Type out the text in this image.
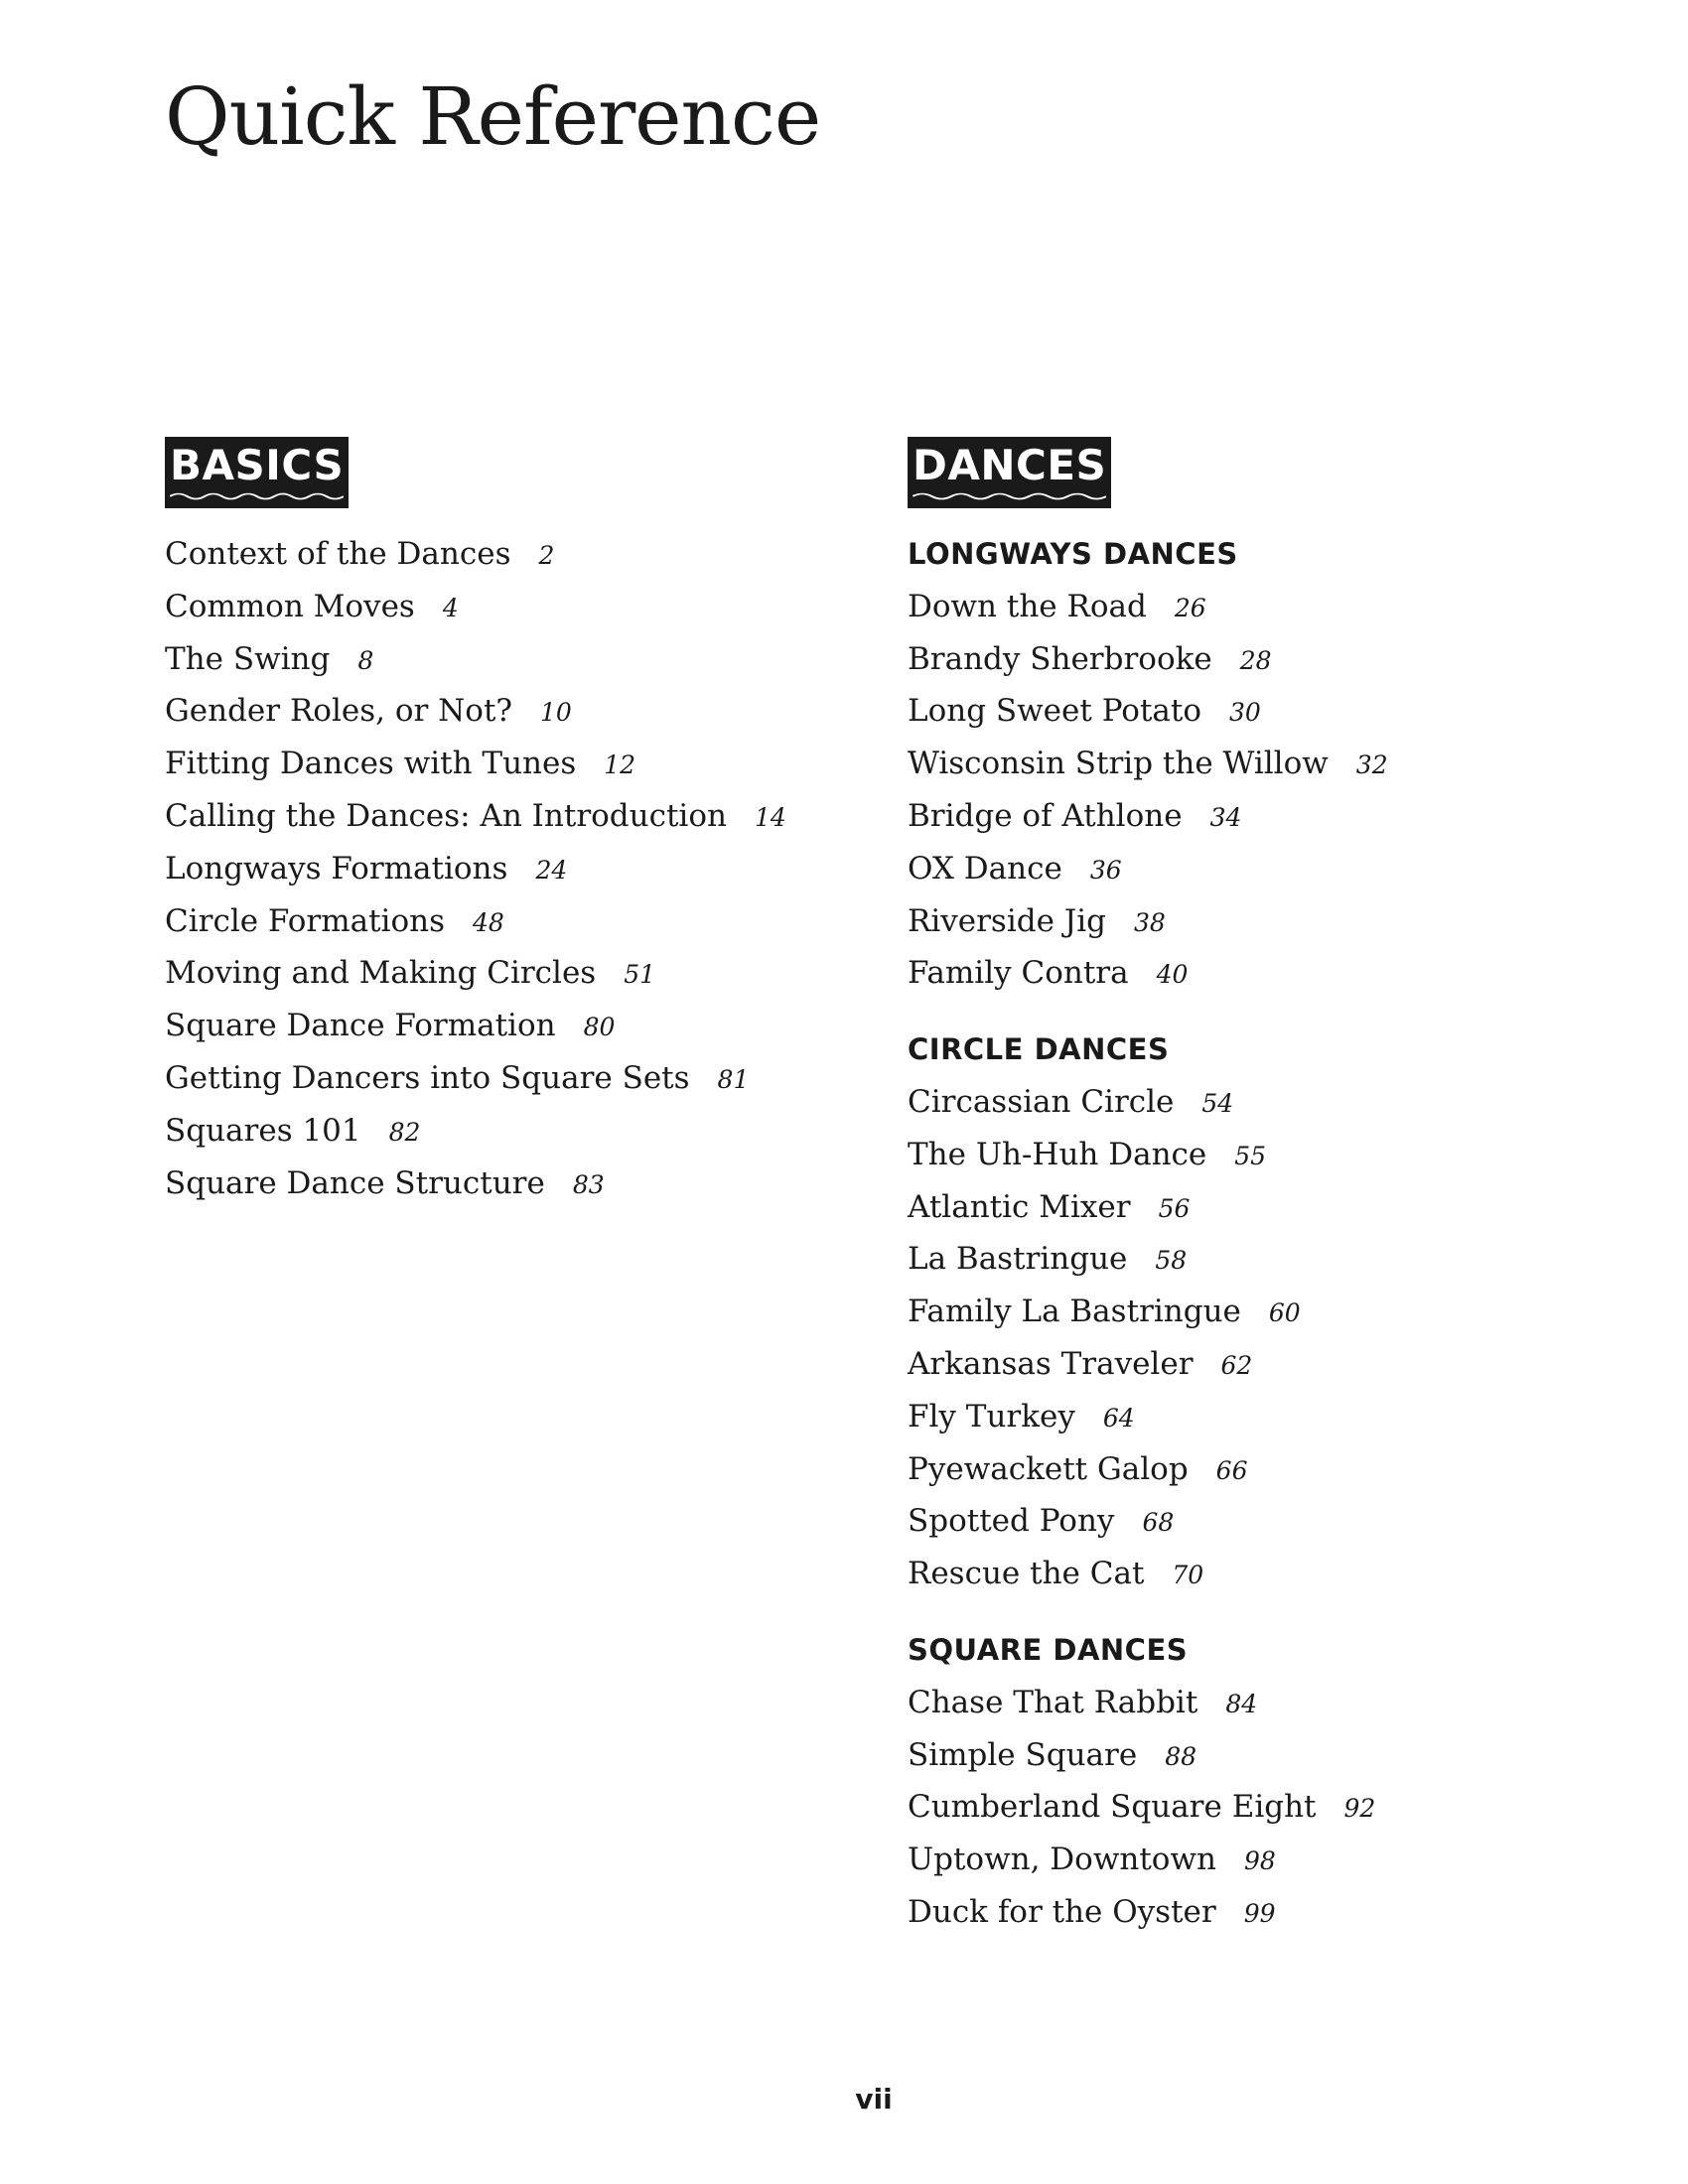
Quick Reference
BASICS
Context of the Dances 2
Common Moves 4
The Swing 8
Gender Roles, or Not? 10
Fitting Dances with Tunes 12
Calling the Dances: An Introduction 14
Longways Formations 24
Circle Formations 48
Moving and Making Circles 51
Square Dance Formation 80
Getting Dancers into Square Sets 81
Squares 101 82
Square Dance Structure 83
DANCES
LONGWAYS DANCES
Down the Road 26
Brandy Sherbrooke 28
Long Sweet Potato 30
Wisconsin Strip the Willow 32
Bridge of Athlone 34
OX Dance 36
Riverside Jig 38
Family Contra 40
CIRCLE DANCES
Circassian Circle 54
The Uh-Huh Dance 55
Atlantic Mixer 56
La Bastringue 58
Family La Bastringue 60
Arkansas Traveler 62
Fly Turkey 64
Pyewackett Galop 66
Spotted Pony 68
Rescue the Cat 70
SQUARE DANCES
Chase That Rabbit 84
Simple Square 88
Cumberland Square Eight 92
Uptown, Downtown 98
Duck for the Oyster 99
vii
